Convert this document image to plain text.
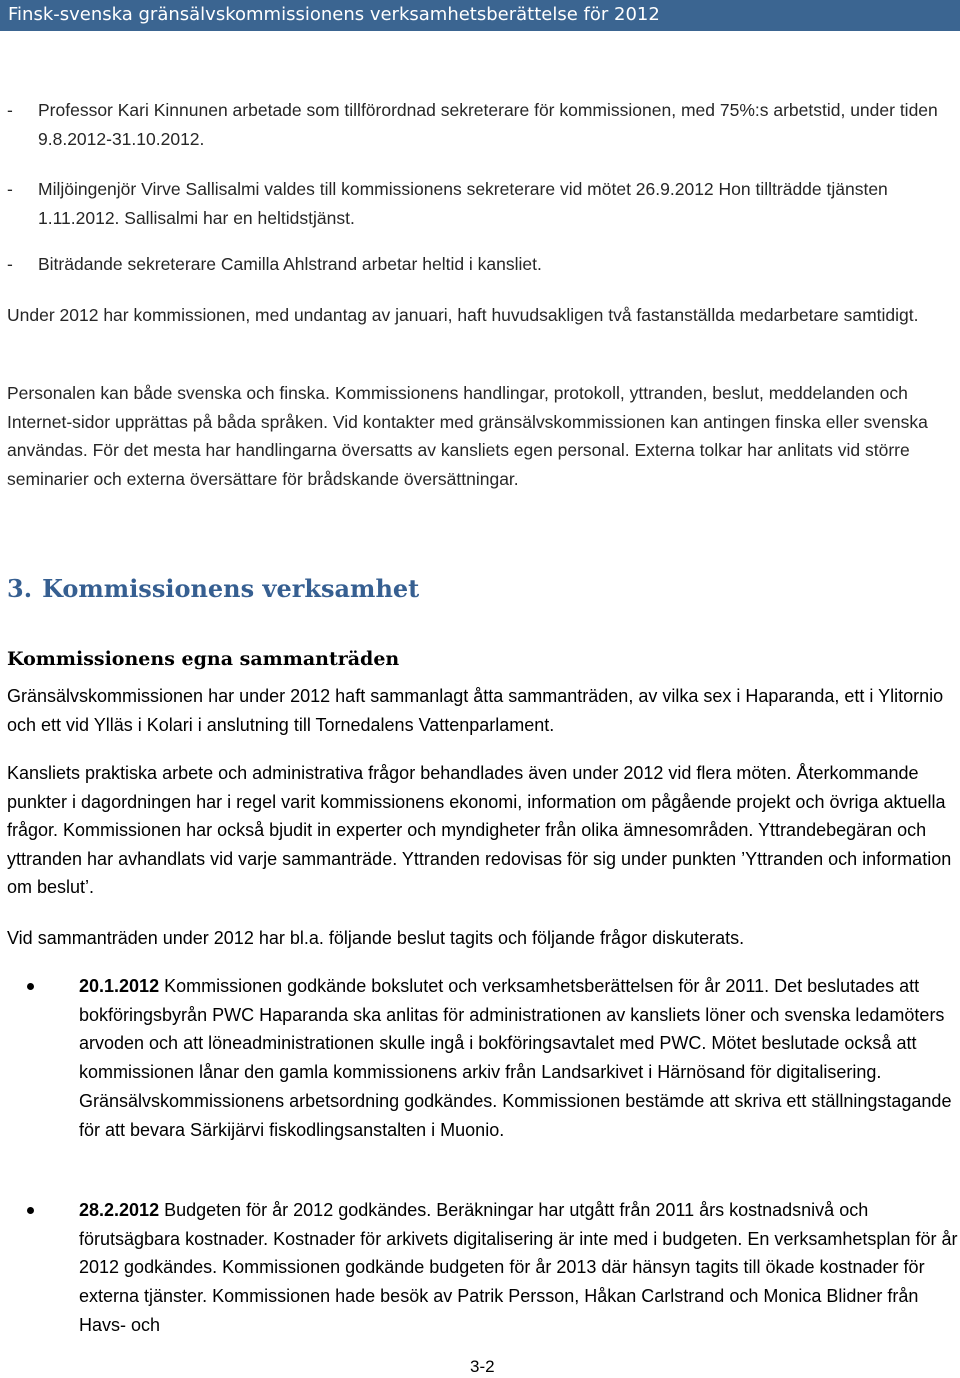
Finsk-svenska gränsälvskommissionens verksamhetsberättelse för 2012
- Professor Kari Kinnunen arbetade som tillförordnad sekreterare för kommissionen, med 75%:s arbetstid, under tiden 9.8.2012-31.10.2012.
- Miljöingenjör Virve Sallisalmi valdes till kommissionens sekreterare vid mötet 26.9.2012 Hon tillträdde tjänsten 1.11.2012. Sallisalmi har en heltidstjänst.
- Biträdande sekreterare Camilla Ahlstrand arbetar heltid i kansliet.
Under 2012 har kommissionen, med undantag av januari, haft huvudsakligen två fastanställda medarbetare samtidigt.
Personalen kan både svenska och finska. Kommissionens handlingar, protokoll, yttranden, beslut, meddelanden och Internet-sidor upprättas på båda språken. Vid kontakter med gränsälvskommissionen kan antingen finska eller svenska användas. För det mesta har handlingarna översatts av kansliets egen personal. Externa tolkar har anlitats vid större seminarier och externa översättare för brådskande översättningar.
3. Kommissionens verksamhet
Kommissionens egna sammanträden
Gränsälvskommissionen har under 2012 haft sammanlagt åtta sammanträden, av vilka sex i Haparanda, ett i Ylitornio och ett vid Ylläs i Kolari i anslutning till Tornedalens Vattenparlament.
Kansliets praktiska arbete och administrativa frågor behandlades även under 2012 vid flera möten. Återkommande punkter i dagordningen har i regel varit kommissionens ekonomi, information om pågående projekt och övriga aktuella frågor. Kommissionen har också bjudit in experter och myndigheter från olika ämnesområden. Yttrandebegäran och yttranden har avhandlats vid varje sammanträde. Yttranden redovisas för sig under punkten ’Yttranden och information om beslut’.
Vid sammanträden under 2012 har bl.a. följande beslut tagits och följande frågor diskuterats.
20.1.2012 Kommissionen godkände bokslutet och verksamhetsberättelsen för år 2011. Det beslutades att bokföringsbyrån PWC Haparanda ska anlitas för administrationen av kansliets löner och svenska ledamöters arvoden och att löneadministrationen skulle ingå i bokföringsavtalet med PWC. Mötet beslutade också att kommissionen lånar den gamla kommissionens arkiv från Landsarkivet i Härnösand för digitalisering. Gränsälvskommissionens arbetsordning godkändes. Kommissionen bestämde att skriva ett ställningstagande för att bevara Särkijärvi fiskodlingsanstalten i Muonio.
28.2.2012 Budgeten för år 2012 godkändes. Beräkningar har utgått från 2011 års kostnadsnivå och förutsägbara kostnader. Kostnader för arkivets digitalisering är inte med i budgeten. En verksamhetsplan för år 2012 godkändes. Kommissionen godkände budgeten för år 2013 där hänsyn tagits till ökade kostnader för externa tjänster. Kommissionen hade besök av Patrik Persson, Håkan Carlstrand och Monica Blidner från Havs- och
3-2
